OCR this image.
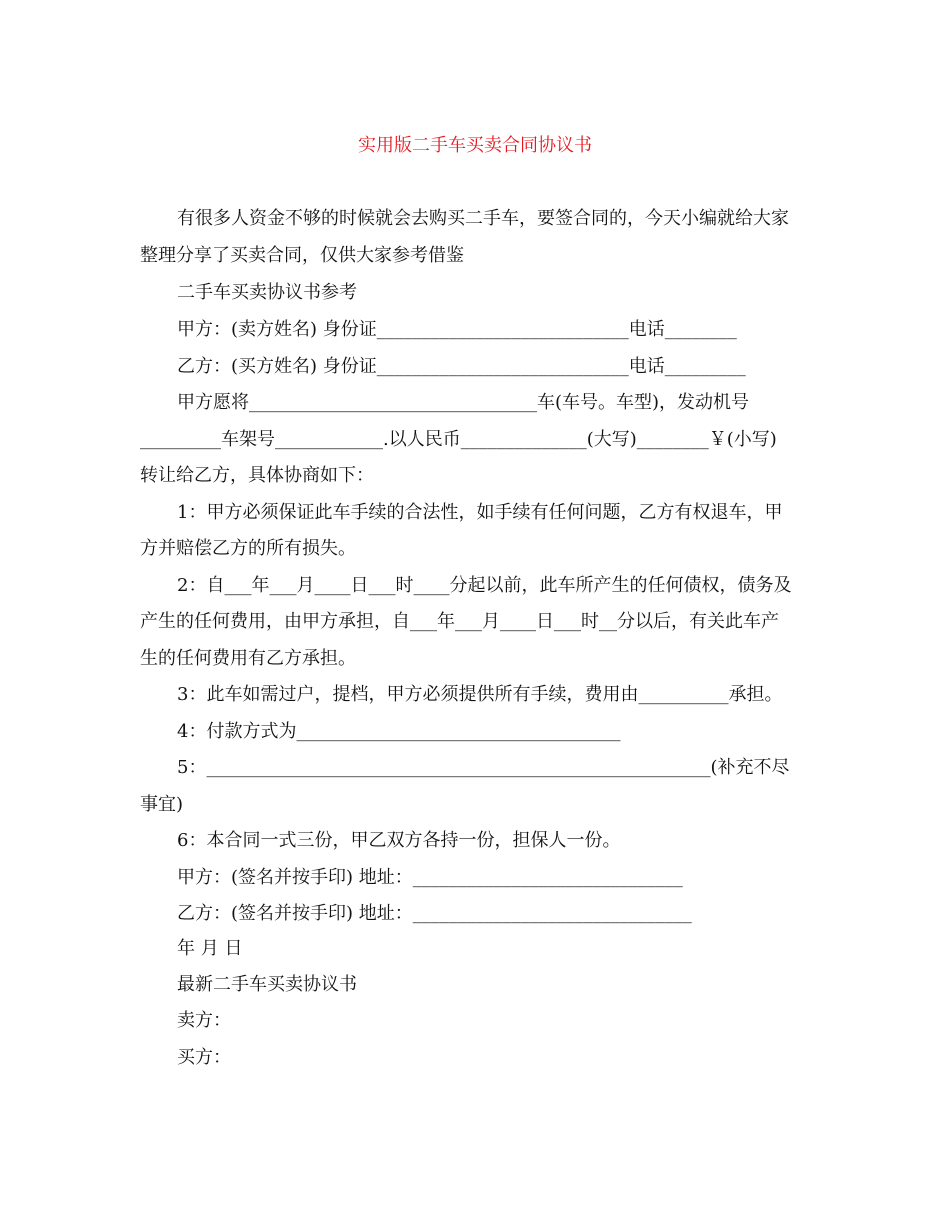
实用版二手车买卖合同协议书
有很多人资金不够的时候就会去购买二手车，要签合同的，今天小编就给大家
整理分享了买卖合同，仅供大家参考借鉴
二手车买卖协议书参考
甲方：(卖方姓名) 身份证____________________________电话________
乙方：(买方姓名) 身份证____________________________电话_________
甲方愿将________________________________车(车号。车型)，发动机号
_________车架号____________.以人民币______________(大写)________￥(小写)
转让给乙方，具体协商如下：
1：甲方必须保证此车手续的合法性，如手续有任何问题，乙方有权退车，甲
方并赔偿乙方的所有损失。
2：自___年___月____日___时____分起以前，此车所产生的任何债权，债务及
产生的任何费用，由甲方承担，自___年___月____日___时__分以后，有关此车产
生的任何费用有乙方承担。
3：此车如需过户，提档，甲方必须提供所有手续，费用由__________承担。
4：付款方式为____________________________________
5：________________________________________________________(补充不尽
事宜)
6：本合同一式三份，甲乙双方各持一份，担保人一份。
甲方：(签名并按手印) 地址：______________________________
乙方：(签名并按手印) 地址：_______________________________
年 月 日
最新二手车买卖协议书
卖方：
买方：
